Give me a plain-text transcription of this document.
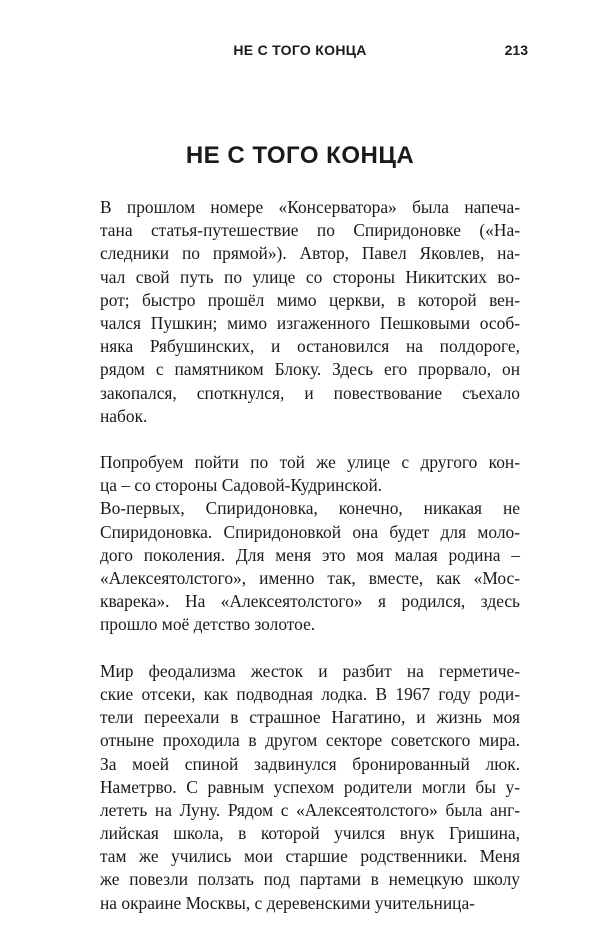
НЕ С ТОГО КОНЦА	213
НЕ С ТОГО КОНЦА
В прошлом номере «Консерватора» была напеча-
тана статья-путешествие по Спиридоновке («На-
следники по прямой»). Автор, Павел Яковлев, на-
чал свой путь по улице со стороны Никитских во-
рот; быстро прошёл мимо церкви, в которой вен-
чался Пушкин; мимо изгаженного Пешковыми особ-
няка Рябушинских, и остановился на полдороге,
рядом с памятником Блоку. Здесь его прорвало, он
закопался, споткнулся, и повествование съехало
набок.
Попробуем пойти по той же улице с другого кон-
ца – со стороны Садовой-Кудринской.
Во-первых, Спиридоновка, конечно, никакая не
Спиридоновка. Спиридоновкой она будет для моло-
дого поколения. Для меня это моя малая родина –
«Алексеятолстого», именно так, вместе, как «Мос-
кварека». На «Алексеятолстого» я родился, здесь
прошло моё детство золотое.
Мир феодализма жесток и разбит на герметиче-
ские отсеки, как подводная лодка. В 1967 году роди-
тели переехали в страшное Нагатино, и жизнь моя
отныне проходила в другом секторе советского мира.
За моей спиной задвинулся бронированный люк.
Наметрво. С равным успехом родители могли бы у-
лететь на Луну. Рядом с «Алексеятолстого» была анг-
лийская школа, в которой учился внук Гришина,
там же учились мои старшие родственники. Меня
же повезли ползать под партами в немецкую школу
на окраине Москвы, с деревенскими учительница-
